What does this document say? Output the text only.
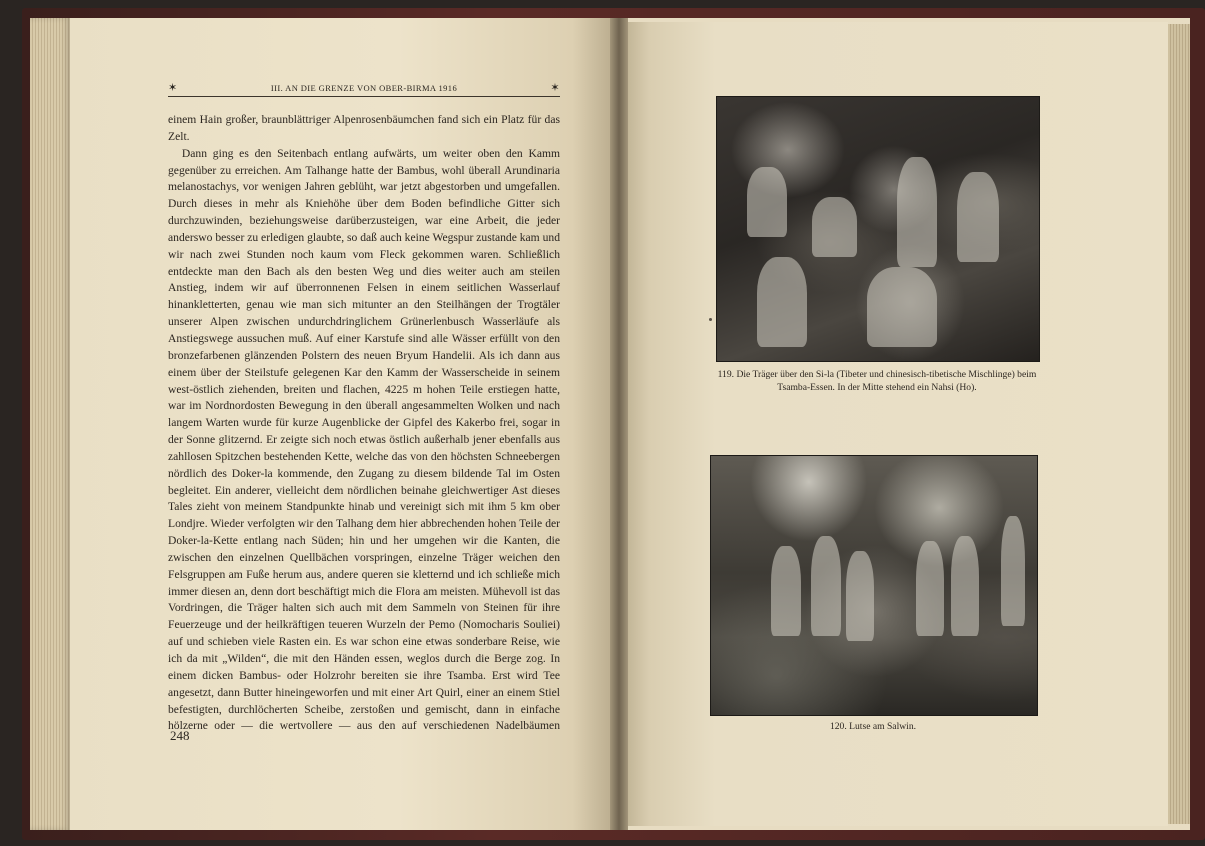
✶	III. AN DIE GRENZE VON OBER-BIRMA 1916	✶

einem Hain großer, braunblättriger Alpenrosenbäumchen fand sich ein Platz für das Zelt.

Dann ging es den Seitenbach entlang aufwärts, um weiter oben den Kamm gegenüber zu erreichen. Am Talhange hatte der Bambus, wohl überall Arundinaria melanostachys, vor wenigen Jahren geblüht, war jetzt abgestorben und umgefallen. Durch dieses in mehr als Kniehöhe über dem Boden befindliche Gitter sich durchzuwinden, beziehungsweise darüberzusteigen, war eine Arbeit, die jeder anderswo besser zu erledigen glaubte, so daß auch keine Wegspur zustande kam und wir nach zwei Stunden noch kaum vom Fleck gekommen waren. Schließlich entdeckte man den Bach als den besten Weg und dies weiter auch am steilen Anstieg, indem wir auf überronnenen Felsen in einem seitlichen Wasserlauf hinankletterten, genau wie man sich mitunter an den Steilhängen der Trogtäler unserer Alpen zwischen undurchdringlichem Grünerlenbusch Wasserläufe als Anstiegswege aussuchen muß. Auf einer Karstufe sind alle Wässer erfüllt von den bronzefarbenen glänzenden Polstern des neuen Bryum Handelii. Als ich dann aus einem über der Steilstufe gelegenen Kar den Kamm der Wasserscheide in seinem west-östlich ziehenden, breiten und flachen, 4225 m hohen Teile erstiegen hatte, war im Nordnordosten Bewegung in den überall angesammelten Wolken und nach langem Warten wurde für kurze Augenblicke der Gipfel des Kakerbo frei, sogar in der Sonne glitzernd. Er zeigte sich noch etwas östlich außerhalb jener ebenfalls aus zahllosen Spitzchen bestehenden Kette, welche das von den höchsten Schneebergen nördlich des Doker-la kommende, den Zugang zu diesem bildende Tal im Osten begleitet. Ein anderer, vielleicht dem nördlichen beinahe gleichwertiger Ast dieses Tales zieht von meinem Standpunkte hinab und vereinigt sich mit ihm 5 km ober Londjre. Wieder verfolgten wir den Talhang dem hier abbrechenden hohen Teile der Doker-la-Kette entlang nach Süden; hin und her umgehen wir die Kanten, die zwischen den einzelnen Quellbächen vorspringen, einzelne Träger weichen den Felsgruppen am Fuße herum aus, andere queren sie kletternd und ich schließe mich immer diesen an, denn dort beschäftigt mich die Flora am meisten. Mühevoll ist das Vordringen, die Träger halten sich auch mit dem Sammeln von Steinen für ihre Feuerzeuge und der heilkräftigen teueren Wurzeln der Pemo (Nomocharis Souliei) auf und schieben viele Rasten ein. Es war schon eine etwas sonderbare Reise, wie ich da mit „Wilden“, die mit den Händen essen, weglos durch die Berge zog. In einem dicken Bambus- oder Holzrohr bereiten sie ihre Tsamba. Erst wird Tee angesetzt, dann Butter hineingeworfen und mit einer Art Quirl, einer an einem Stiel befestigten, durchlöcherten Scheibe, zerstoßen und gemischt, dann in einfache hölzerne oder — die wertvollere — aus den auf verschiedenen Nadelbäumen

248
119. Die Träger über den Si-la (Tibeter und chinesisch-tibetische Mischlinge) beim Tsamba-Essen. In der Mitte stehend ein Nahsi (Ho).
120. Lutse am Salwin.
